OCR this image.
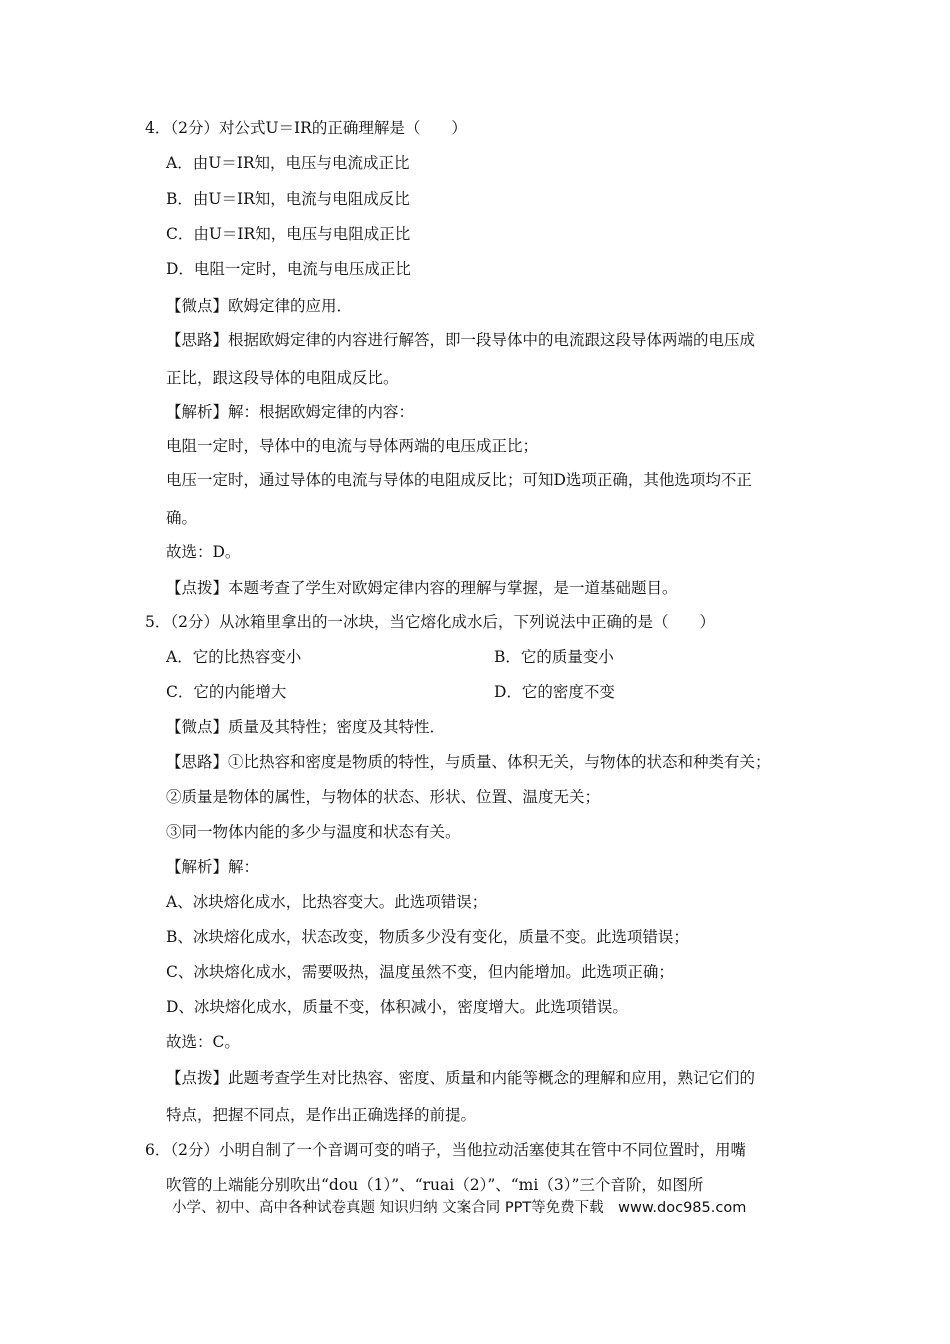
4．（2分）对公式U＝IR的正确理解是（　　）
A．由U＝IR知，电压与电流成正比
B．由U＝IR知，电流与电阻成反比
C．由U＝IR知，电压与电阻成正比
D．电阻一定时，电流与电压成正比
【微点】欧姆定律的应用．
【思路】根据欧姆定律的内容进行解答，即一段导体中的电流跟这段导体两端的电压成
正比，跟这段导体的电阻成反比。
【解析】解：根据欧姆定律的内容：
电阻一定时，导体中的电流与导体两端的电压成正比；
电压一定时，通过导体的电流与导体的电阻成反比；可知D选项正确，其他选项均不正
确。
故选：D。
【点拨】本题考查了学生对欧姆定律内容的理解与掌握，是一道基础题目。
5．（2分）从冰箱里拿出的一冰块，当它熔化成水后，下列说法中正确的是（　　）
A．它的比热容变小	B．它的质量变小
C．它的内能增大	D．它的密度不变
【微点】质量及其特性；密度及其特性．
【思路】①比热容和密度是物质的特性，与质量、体积无关，与物体的状态和种类有关；
②质量是物体的属性，与物体的状态、形状、位置、温度无关；
③同一物体内能的多少与温度和状态有关。
【解析】解：
A、冰块熔化成水，比热容变大。此选项错误；
B、冰块熔化成水，状态改变，物质多少没有变化，质量不变。此选项错误；
C、冰块熔化成水，需要吸热，温度虽然不变，但内能增加。此选项正确；
D、冰块熔化成水，质量不变，体积减小，密度增大。此选项错误。
故选：C。
【点拨】此题考查学生对比热容、密度、质量和内能等概念的理解和应用，熟记它们的
特点，把握不同点，是作出正确选择的前提。
6．（2分）小明自制了一个音调可变的哨子，当他拉动活塞使其在管中不同位置时，用嘴
吹管的上端能分别吹出“dou（1）”、“ruai（2）”、“mi（3）”三个音阶，如图所
小学、初中、高中各种试卷真题 知识归纳 文案合同 PPT等免费下载　www.doc985.com
